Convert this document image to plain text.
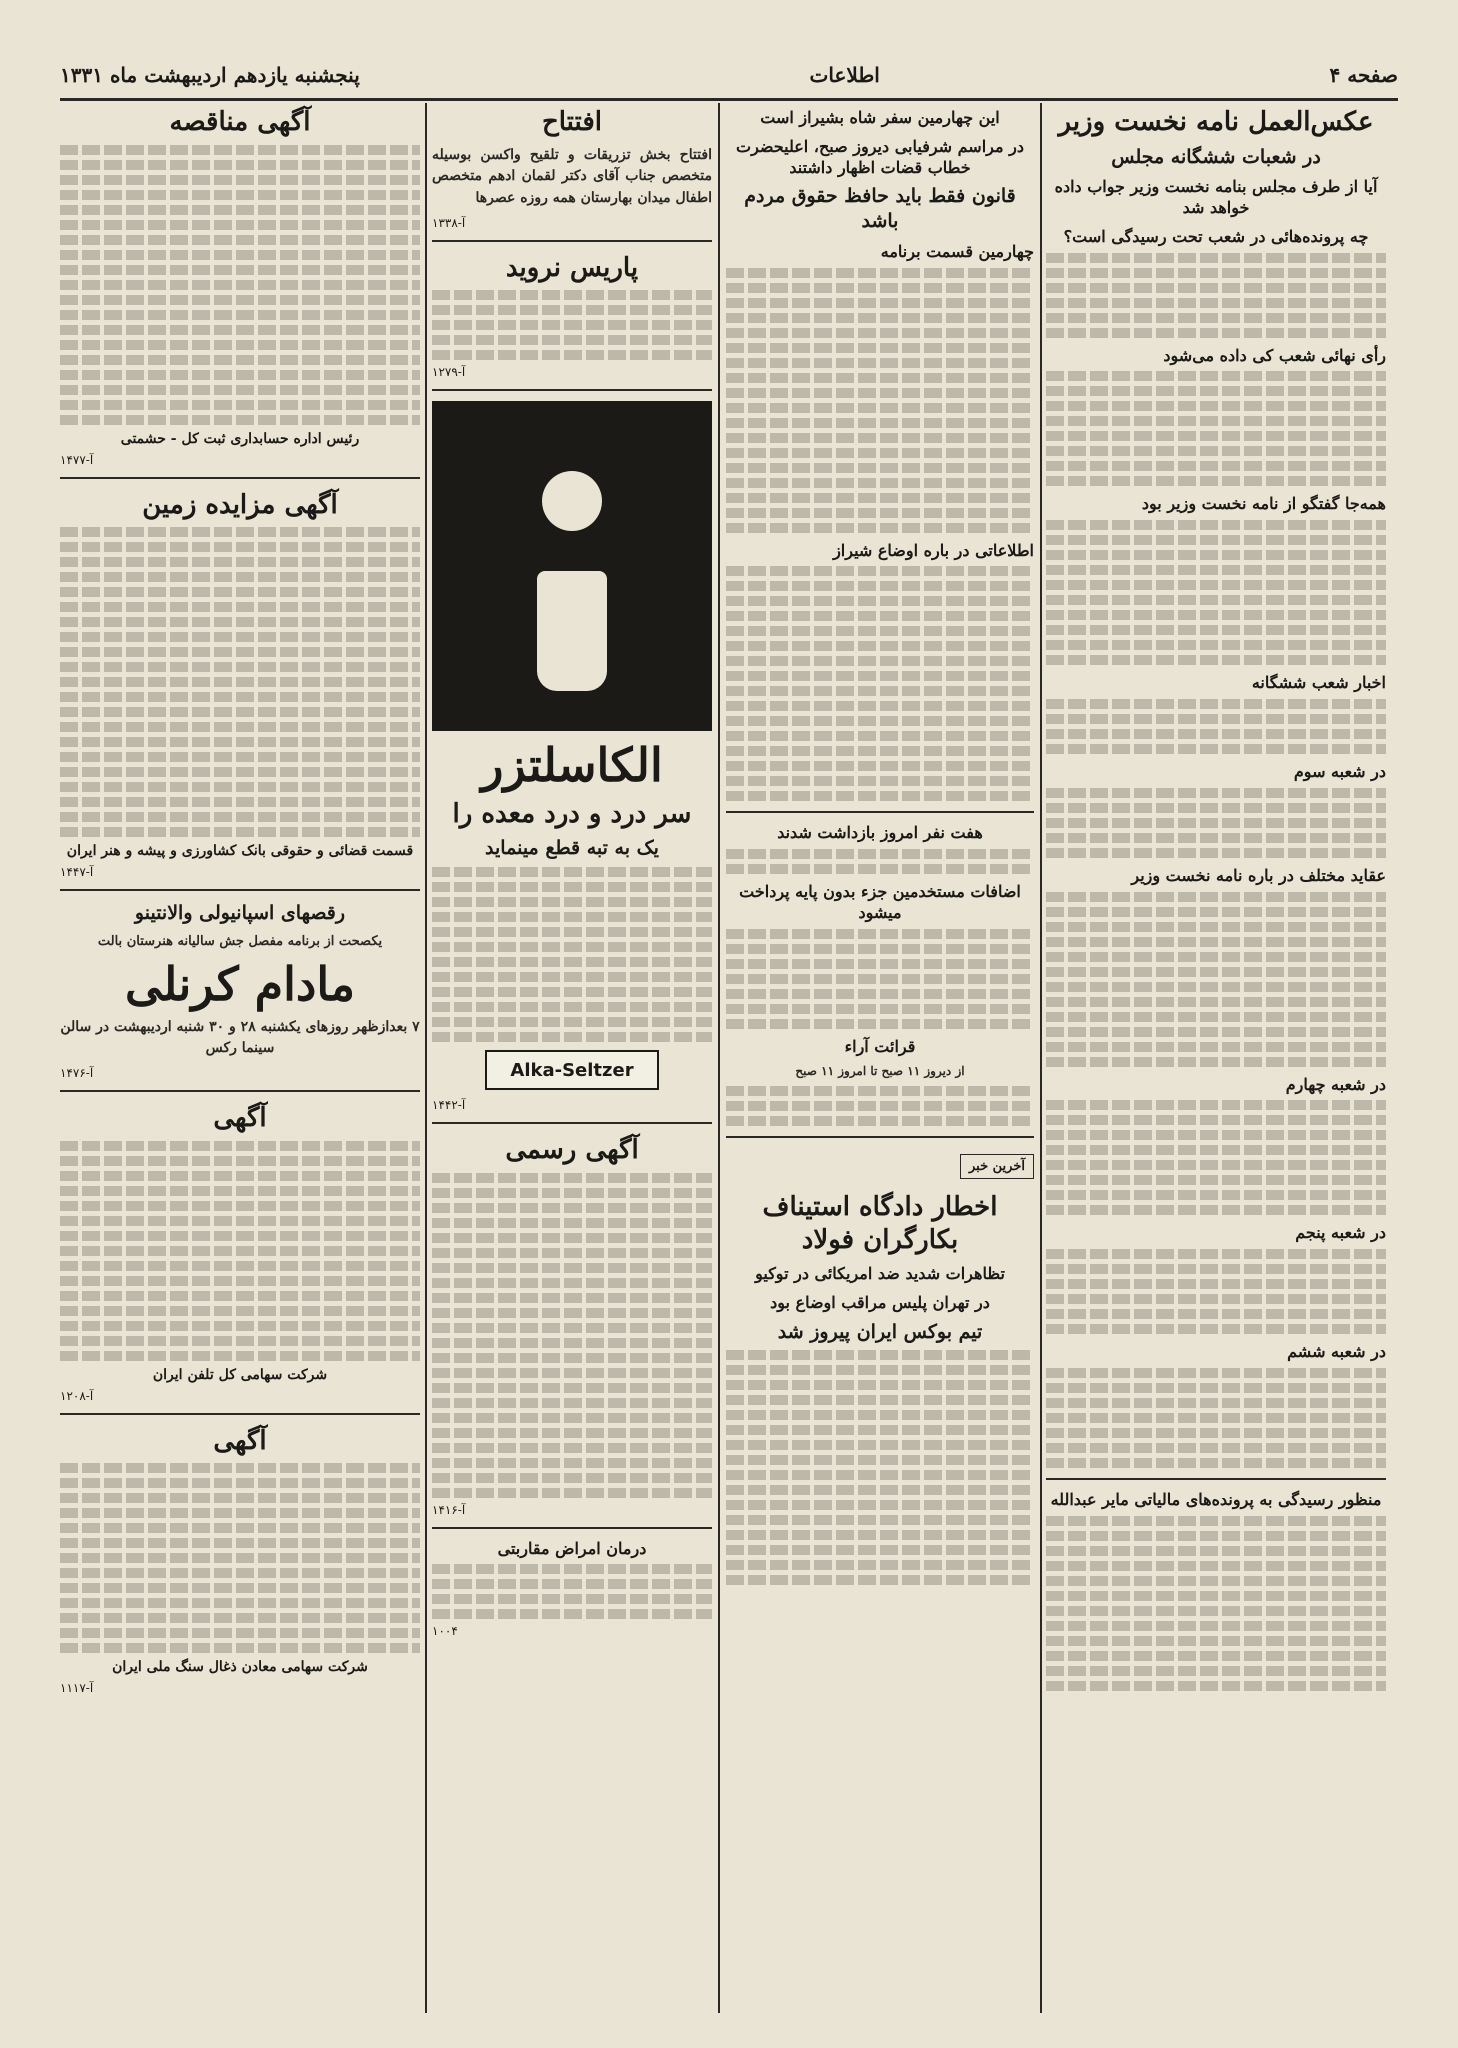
صفحه ۴
اطلاعات
پنجشنبه یازدهم اردیبهشت ماه ۱۳۳۱
عکس‌العمل نامه نخست وزیر
در شعبات ششگانه مجلس
آیا از طرف مجلس بنامه نخست وزیر جواب داده خواهد شد
چه پرونده‌هائی در شعب تحت رسیدگی است؟
رأی نهائی شعب کی داده می‌شود
همه‌جا گفتگو از نامه نخست وزیر بود
اخبار شعب ششگانه
در شعبه سوم
عقاید مختلف در باره نامه نخست وزیر
در شعبه چهارم
در شعبه پنجم
در شعبه ششم
منظور رسیدگی به پرونده‌های مالیاتی مایر عبدالله
این چهارمین سفر شاه بشیراز است
در مراسم شرفیابی دیروز صبح، اعلیحضرت خطاب قضات اظهار داشتند
قانون فقط باید حافظ حقوق مردم باشد
چهارمین قسمت برنامه
اطلاعاتی در باره اوضاع شیراز
هفت نفر امروز بازداشت شدند
اضافات مستخدمین جزء بدون پایه پرداخت میشود
قرائت آراء
از دیروز ۱۱ صبح تا امروز ۱۱ صبح
آخرین خبر
اخطار دادگاه استیناف بکارگران فولاد
تظاهرات شدید ضد امریکائی در توکیو
در تهران پلیس مراقب اوضاع بود
تیم بوکس ایران پیروز شد
افتتاح
افتتاح بخش تزریقات و تلقیح واکسن بوسیله متخصص جناب آقای دکتر لقمان ادهم متخصص اطفال میدان بهارستان همه روزه عصرها
۱۳۳۸-آ
پاریس نروید
۱۲۷۹-آ
الکاسلتزر
سر درد و درد معده را
یک به تبه قطع مینماید
Alka-Seltzer
۱۴۴۲-آ
آگهی رسمی
۱۴۱۶-آ
درمان امراض مقاربتی
۱۰۰۴
آگهی مناقصه
رئیس اداره حسابداری ثبت کل - حشمتی
۱۴۷۷-آ
آگهی مزایده زمین
قسمت قضائی و حقوقی بانک کشاورزی و پیشه و هنر ایران
۱۴۴۷-آ
رقصهای اسپانیولی والانتینو
یکصحت از برنامه مفصل جش سالیانه هنرستان بالت
مادام کرنلی
۷ بعدازظهر روزهای یکشنبه ۲۸ و ۳۰ شنبه اردیبهشت در سالن سینما رکس
۱۴۷۶-آ
آگهی
شرکت سهامی کل تلفن ایران
۱۲۰۸-آ
آگهی
شرکت سهامی معادن ذغال سنگ ملی ایران
۱۱۱۷-آ
